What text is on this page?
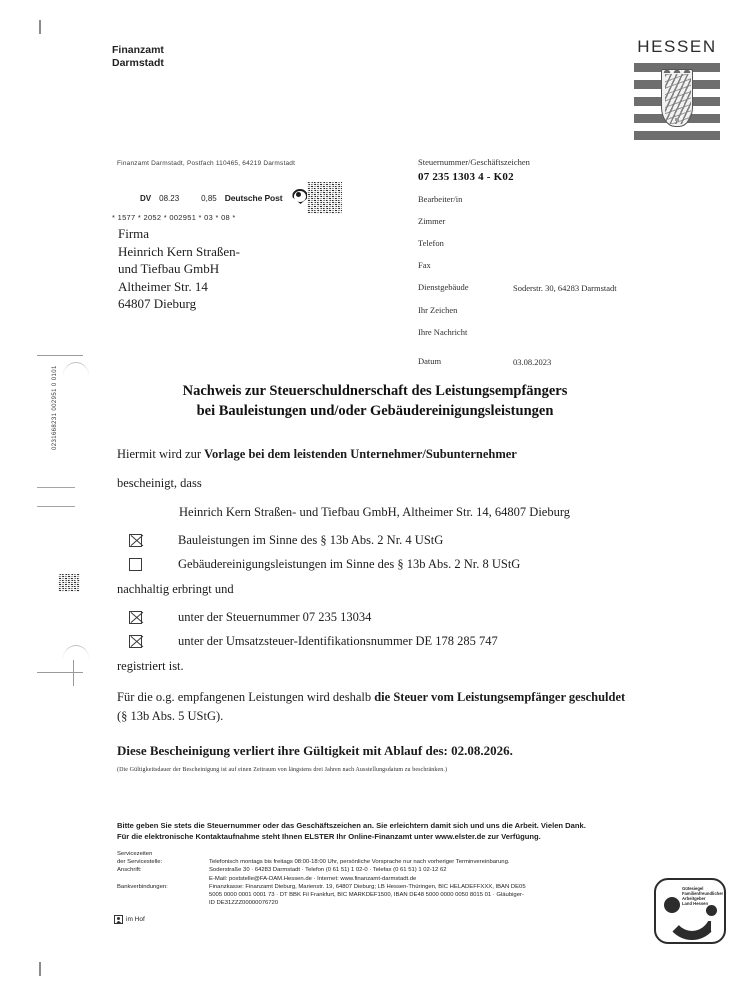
0231668231 002951 0 0101
Finanzamt
Darmstadt
HESSEN
Finanzamt Darmstadt, Postfach 110465, 64219 Darmstadt
DV 08.23	0,85 Deutsche Post
* 1577 * 2052 * 002951 * 03 * 08 *
Firma
Heinrich Kern Straßen-
und Tiefbau GmbH
Altheimer Str. 14
64807 Dieburg
Steuernummer/Geschäftszeichen
07 235 1303 4 - K02
Bearbeiter/in
Zimmer
Telefon
Fax
Dienstgebäude	Soderstr. 30, 64283 Darmstadt
Ihr Zeichen
Ihre Nachricht
Datum	03.08.2023
Nachweis zur Steuerschuldnerschaft des Leistungsempfängers
bei Bauleistungen und/oder Gebäudereinigungsleistungen

Hiermit wird zur Vorlage bei dem leistenden Unternehmer/Subunternehmer

bescheinigt, dass

Heinrich Kern Straßen- und Tiefbau GmbH, Altheimer Str. 14, 64807 Dieburg

Bauleistungen im Sinne des § 13b Abs. 2 Nr. 4 UStG
Gebäudereinigungsleistungen im Sinne des § 13b Abs. 2 Nr. 8 UStG

nachhaltig erbringt und

unter der Steuernummer 07 235 13034
unter der Umsatzsteuer-Identifikationsnummer DE 178 285 747

registriert ist.

Für die o.g. empfangenen Leistungen wird deshalb die Steuer vom Leistungsempfänger geschuldet

(§ 13b Abs. 5 UStG).

Diese Bescheinigung verliert ihre Gültigkeit mit Ablauf des: 02.08.2026.

(Die Gültigkeitsdauer der Bescheinigung ist auf einen Zeitraum von längstens drei Jahren nach Ausstellungsdatum zu beschränken.)

Bitte geben Sie stets die Steuernummer oder das Geschäftszeichen an. Sie erleichtern damit sich und uns die Arbeit. Vielen Dank.
Für die elektronische Kontaktaufnahme steht Ihnen ELSTER Ihr Online-Finanzamt unter www.elster.de zur Verfügung.
Servicezeiten
der Servicestelle:	Telefonisch montags bis freitags 08:00-18:00 Uhr, persönliche Vorsprache nur nach vorheriger Terminvereinbarung.
Anschrift:	Soderstraße 30 · 64283 Darmstadt · Telefon (0 61 51) 1 02-0 · Telefax (0 61 51) 1 02-12 62
E-Mail: poststelle@FA-DAM.Hessen.de · Internet: www.finanzamt-darmstadt.de
Bankverbindungen:	Finanzkasse: Finanzamt Dieburg, Marienstr. 19, 64807 Dieburg; LB Hessen-Thüringen, BIC HELADEFFXXX, IBAN DE05
5005 0000 0001 0001 73 · DT BBK Fil Frankfurt, BIC MARKDEF1500, IBAN DE48 5000 0000 0050 8015 01 · Gläubiger-
ID DE31ZZZ00000076720
im Hof
Gütesiegel
Familienfreundlicher
Arbeitgeber
Land Hessen
